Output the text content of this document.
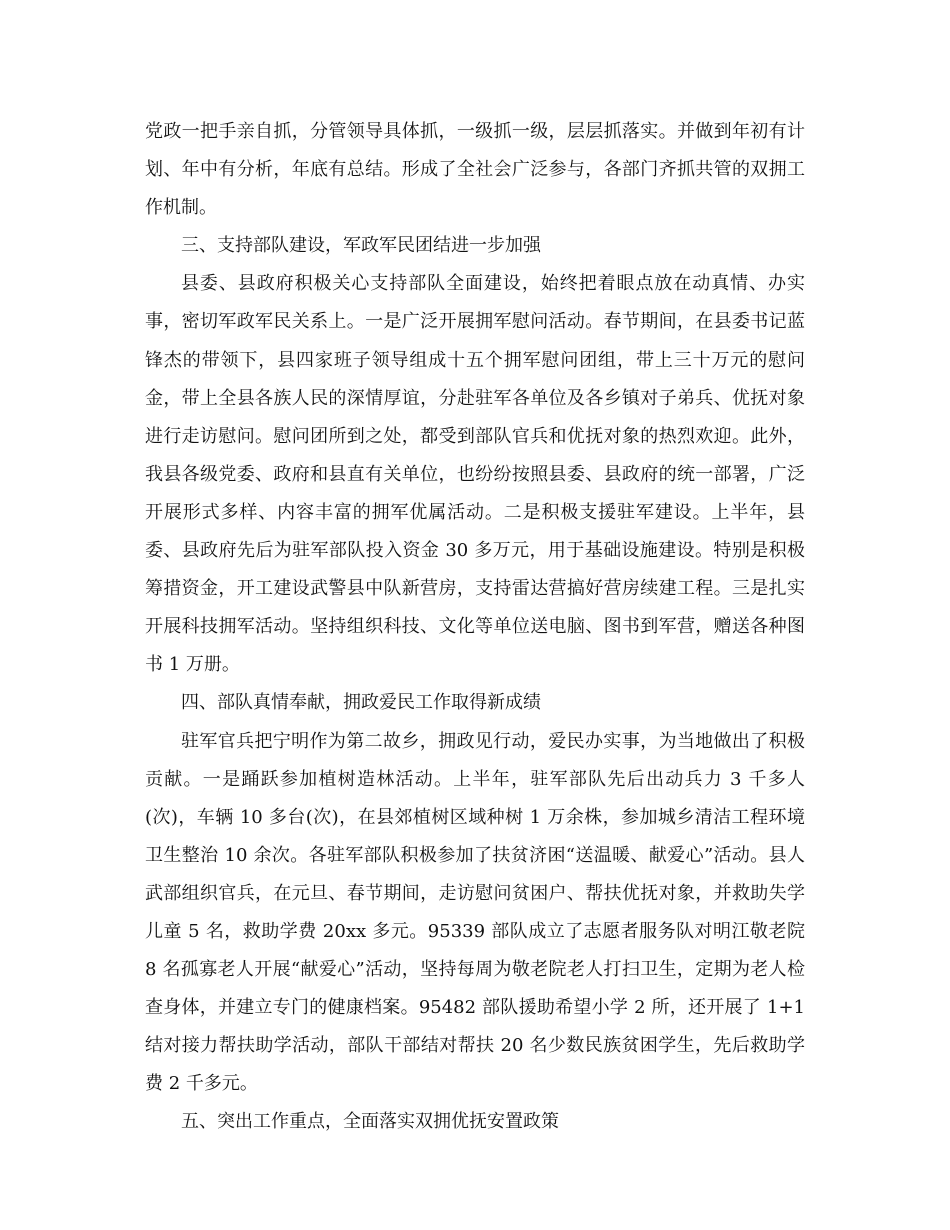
党政一把手亲自抓，分管领导具体抓，一级抓一级，层层抓落实。并做到年初有计划、年中有分析，年底有总结。形成了全社会广泛参与，各部门齐抓共管的双拥工作机制。

三、支持部队建设，军政军民团结进一步加强

县委、县政府积极关心支持部队全面建设，始终把着眼点放在动真情、办实事，密切军政军民关系上。一是广泛开展拥军慰问活动。春节期间，在县委书记蓝锋杰的带领下，县四家班子领导组成十五个拥军慰问团组，带上三十万元的慰问金，带上全县各族人民的深情厚谊，分赴驻军各单位及各乡镇对子弟兵、优抚对象进行走访慰问。慰问团所到之处，都受到部队官兵和优抚对象的热烈欢迎。此外，我县各级党委、政府和县直有关单位，也纷纷按照县委、县政府的统一部署，广泛开展形式多样、内容丰富的拥军优属活动。二是积极支援驻军建设。上半年，县委、县政府先后为驻军部队投入资金 30 多万元，用于基础设施建设。特别是积极筹措资金，开工建设武警县中队新营房，支持雷达营搞好营房续建工程。三是扎实开展科技拥军活动。坚持组织科技、文化等单位送电脑、图书到军营，赠送各种图书 1 万册。

四、部队真情奉献，拥政爱民工作取得新成绩

驻军官兵把宁明作为第二故乡，拥政见行动，爱民办实事，为当地做出了积极贡献。一是踊跃参加植树造林活动。上半年，驻军部队先后出动兵力 3 千多人(次)，车辆 10 多台(次)，在县郊植树区域种树 1 万余株，参加城乡清洁工程环境卫生整治 10 余次。各驻军部队积极参加了扶贫济困“送温暖、献爱心”活动。县人武部组织官兵，在元旦、春节期间，走访慰问贫困户、帮扶优抚对象，并救助失学儿童 5 名，救助学费 20xx 多元。95339 部队成立了志愿者服务队对明江敬老院 8 名孤寡老人开展“献爱心”活动，坚持每周为敬老院老人打扫卫生，定期为老人检查身体，并建立专门的健康档案。95482 部队援助希望小学 2 所，还开展了 1+1 结对接力帮扶助学活动，部队干部结对帮扶 20 名少数民族贫困学生，先后救助学费 2 千多元。

五、突出工作重点，全面落实双拥优抚安置政策
